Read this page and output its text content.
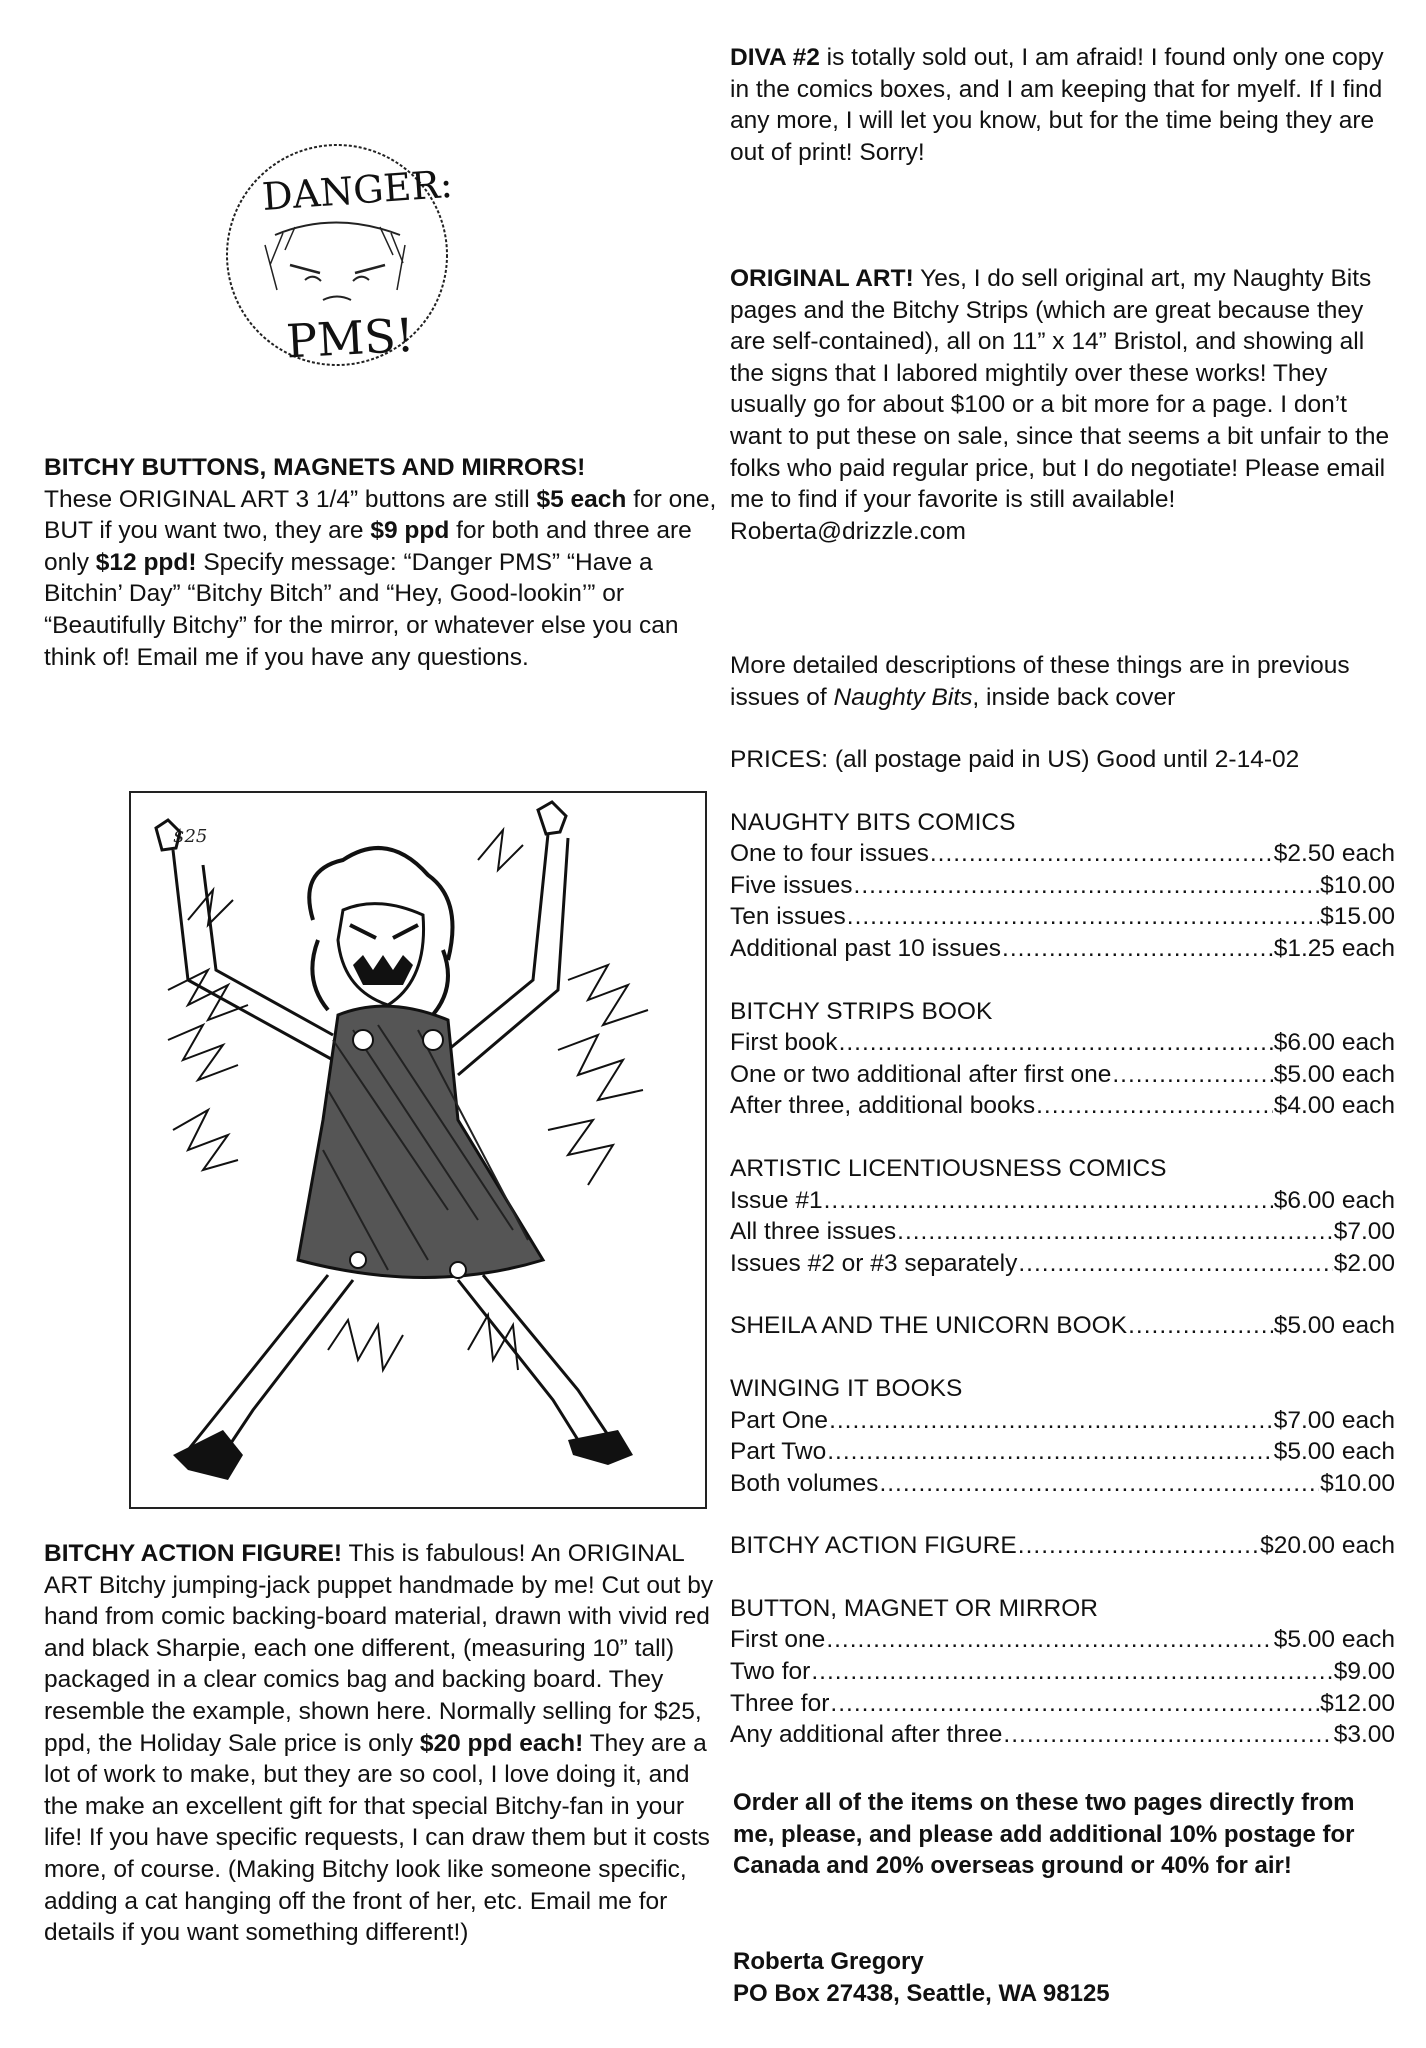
DIVA #2 is totally sold out, I am afraid! I found only one copy in the comics boxes, and I am keeping that for myelf. If I find any more, I will let you know, but for the time being they are out of print! Sorry!

ORIGINAL ART! Yes, I do sell original art, my Naughty Bits pages and the Bitchy Strips (which are great because they are self-contained), all on 11” x 14” Bristol, and showing all the signs that I labored mightily over these works! They usually go for about $100 or a bit more for a page. I don’t want to put these on sale, since that seems a bit unfair to the folks who paid regular price, but I do negotiate! Please email me to find if your favorite is still available!
Roberta@drizzle.com

DANGER:
PMS!

BITCHY BUTTONS, MAGNETS AND MIRRORS!
These ORIGINAL ART 3 1/4” buttons are still $5 each for one, BUT if you want two, they are $9 ppd for both and three are only $12 ppd! Specify message: “Danger PMS” “Have a Bitchin’ Day” “Bitchy Bitch” and “Hey, Good-lookin’” or “Beautifully Bitchy” for the mirror, or whatever else you can think of! Email me if you have any questions.	More detailed descriptions of these things are in previous issues of Naughty Bits, inside back cover

$25
PRICES: (all postage paid in US) Good until 2-14-02
NAUGHTY BITS COMICS
One to four issues .....	$2.50 each
Five issues .....	$10.00
Ten issues .....	$15.00
Additional past 10 issues .....	$1.25 each
BITCHY STRIPS BOOK
First book .....	$6.00 each
One or two additional after first one .....	$5.00 each
After three, additional books .....	$4.00 each
ARTISTIC LICENTIOUSNESS COMICS
Issue #1 .....	$6.00 each
All three issues .....	$7.00
Issues #2 or #3 separately .....	$2.00
SHEILA AND THE UNICORN BOOK .....	$5.00 each
WINGING IT BOOKS
Part One .....	$7.00 each
Part Two .....	$5.00 each
Both volumes .....	$10.00
BITCHY ACTION FIGURE .....	$20.00 each
BUTTON, MAGNET OR MIRROR
First one .....	$5.00 each
Two for .....	$9.00
Three for .....	$12.00
Any additional after three .....	$3.00

BITCHY ACTION FIGURE! This is fabulous! An ORIGINAL ART Bitchy jumping-jack puppet handmade by me! Cut out by hand from comic backing-board material, drawn with vivid red and black Sharpie, each one different, (measuring 10” tall) packaged in a clear comics bag and backing board. They resemble the example, shown here. Normally selling for $25, ppd, the Holiday Sale price is only $20 ppd each! They are a lot of work to make, but they are so cool, I love doing it, and the make an excellent gift for that special Bitchy-fan in your life! If you have specific requests, I can draw them but it costs more, of course. (Making Bitchy look like someone specific, adding a cat hanging off the front of her, etc. Email me for details if you want something different!)

Order all of the items on these two pages directly from me, please, and please add additional 10% postage for Canada and 20% overseas ground or 40% for air!

Roberta Gregory
PO Box 27438, Seattle, WA 98125
